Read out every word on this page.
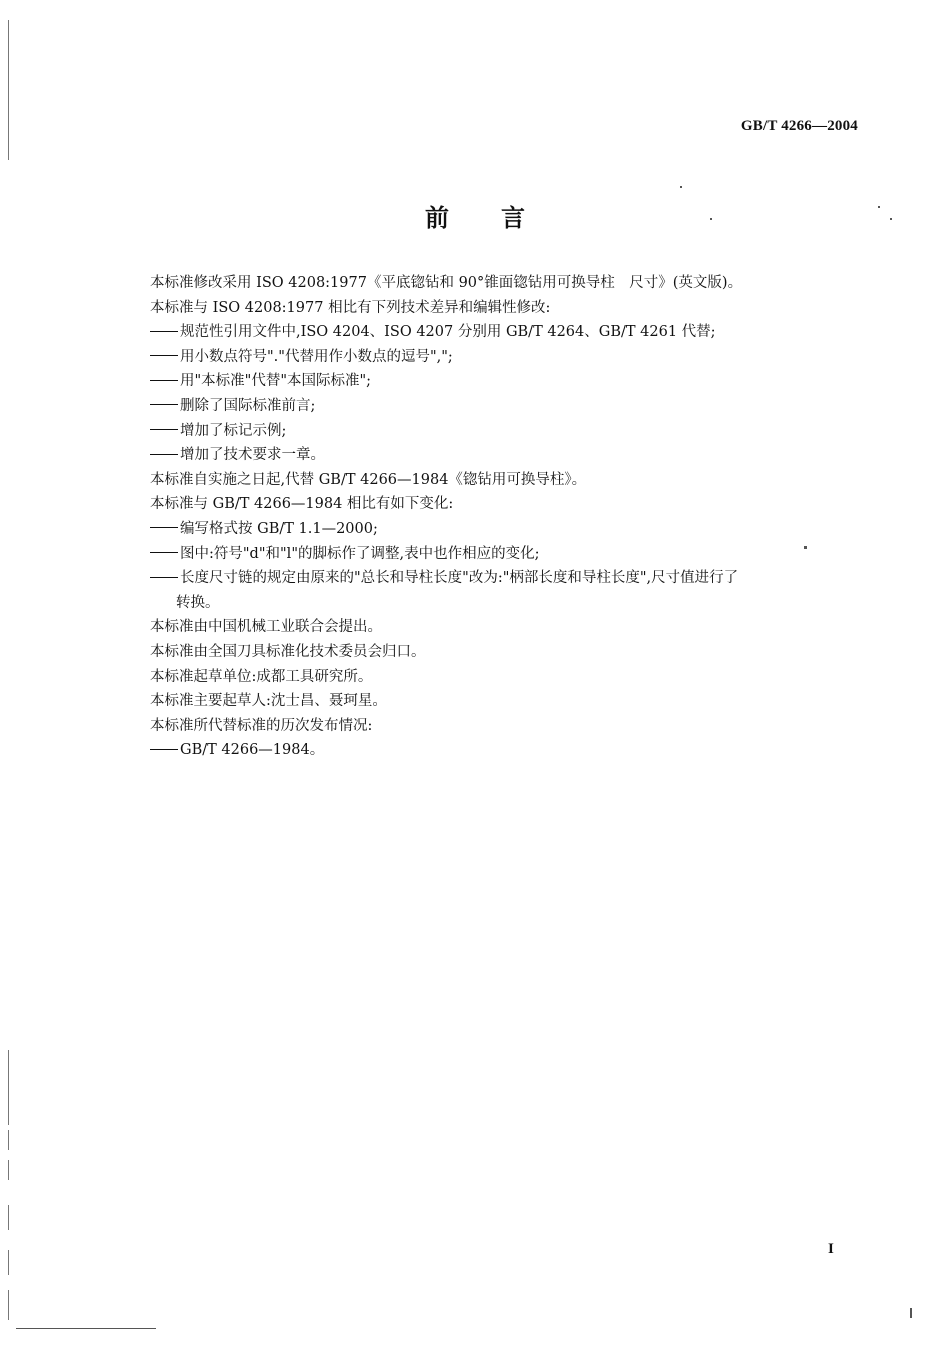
GB/T 4266—2004
前言
本标准修改采用 ISO 4208:1977《平底锪钻和 90°锥面锪钻用可换导柱　尺寸》(英文版)。
本标准与 ISO 4208:1977 相比有下列技术差异和编辑性修改:
规范性引用文件中,ISO 4204、ISO 4207 分别用 GB/T 4264、GB/T 4261 代替;
用小数点符号"."代替用作小数点的逗号",";
用"本标准"代替"本国际标准";
删除了国际标准前言;
增加了标记示例;
增加了技术要求一章。
本标准自实施之日起,代替 GB/T 4266—1984《锪钻用可换导柱》。
本标准与 GB/T 4266—1984 相比有如下变化:
编写格式按 GB/T 1.1—2000;
图中:符号"d"和"l"的脚标作了调整,表中也作相应的变化;
长度尺寸链的规定由原来的"总长和导柱长度"改为:"柄部长度和导柱长度",尺寸值进行了
转换。
本标准由中国机械工业联合会提出。
本标准由全国刀具标准化技术委员会归口。
本标准起草单位:成都工具研究所。
本标准主要起草人:沈士昌、聂珂星。
本标准所代替标准的历次发布情况:
GB/T 4266—1984。
I
